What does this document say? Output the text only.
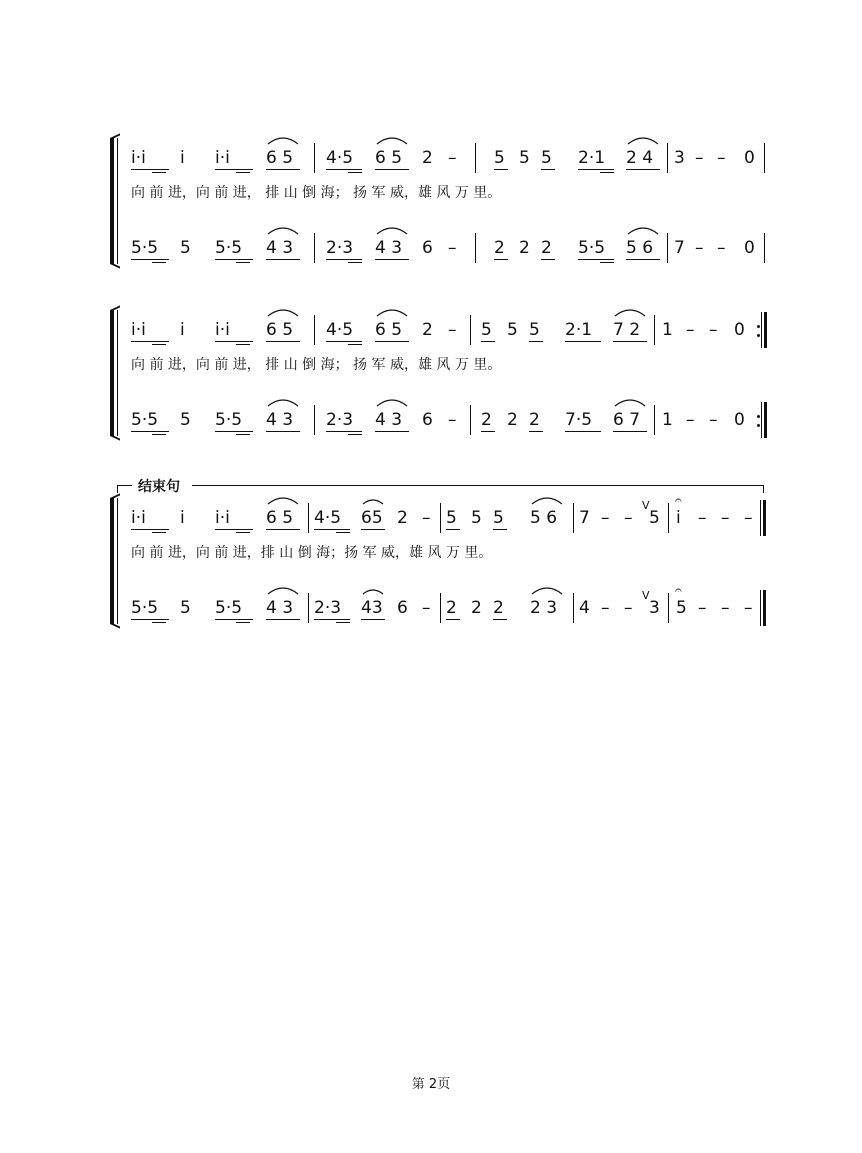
i̇·i̇ i̇ i̇·i̇ 6 5 4·5 6 5 2 – 5 5 5 2·1 2 4 3 – – 0
向 前 进，向 前 进， 排 山 倒 海； 扬 军 威，雄 风 万 里。
5·5 5 5·5 4 3 2·3 4 3 6 – 2 2 2 5·5 5 6 7 – – 0
i̇·i̇ i̇ i̇·i̇ 6 5 4·5 6 5 2 – 5 5 5 2·1 7 2 1 – – 0
向 前 进，向 前 进， 排 山 倒 海； 扬 军 威，雄 风 万 里。
5·5 5 5·5 4 3 2·3 4 3 6 – 2 2 2 7·5 6 7 1 – – 0
结束句
i̇·i̇ i̇ i̇·i̇ 6 5 4·5 65 2 – 5 5 5 5 6 7 – –
V
5
𝄐
i̇ – – –
向 前 进，向 前 进，排 山 倒 海；扬 军 威，雄 风 万 里。
5·5 5 5·5 4 3 2·3 43 6 – 2 2 2 2 3 4 – –
V
3
𝄐
5 – – –
第 2页
